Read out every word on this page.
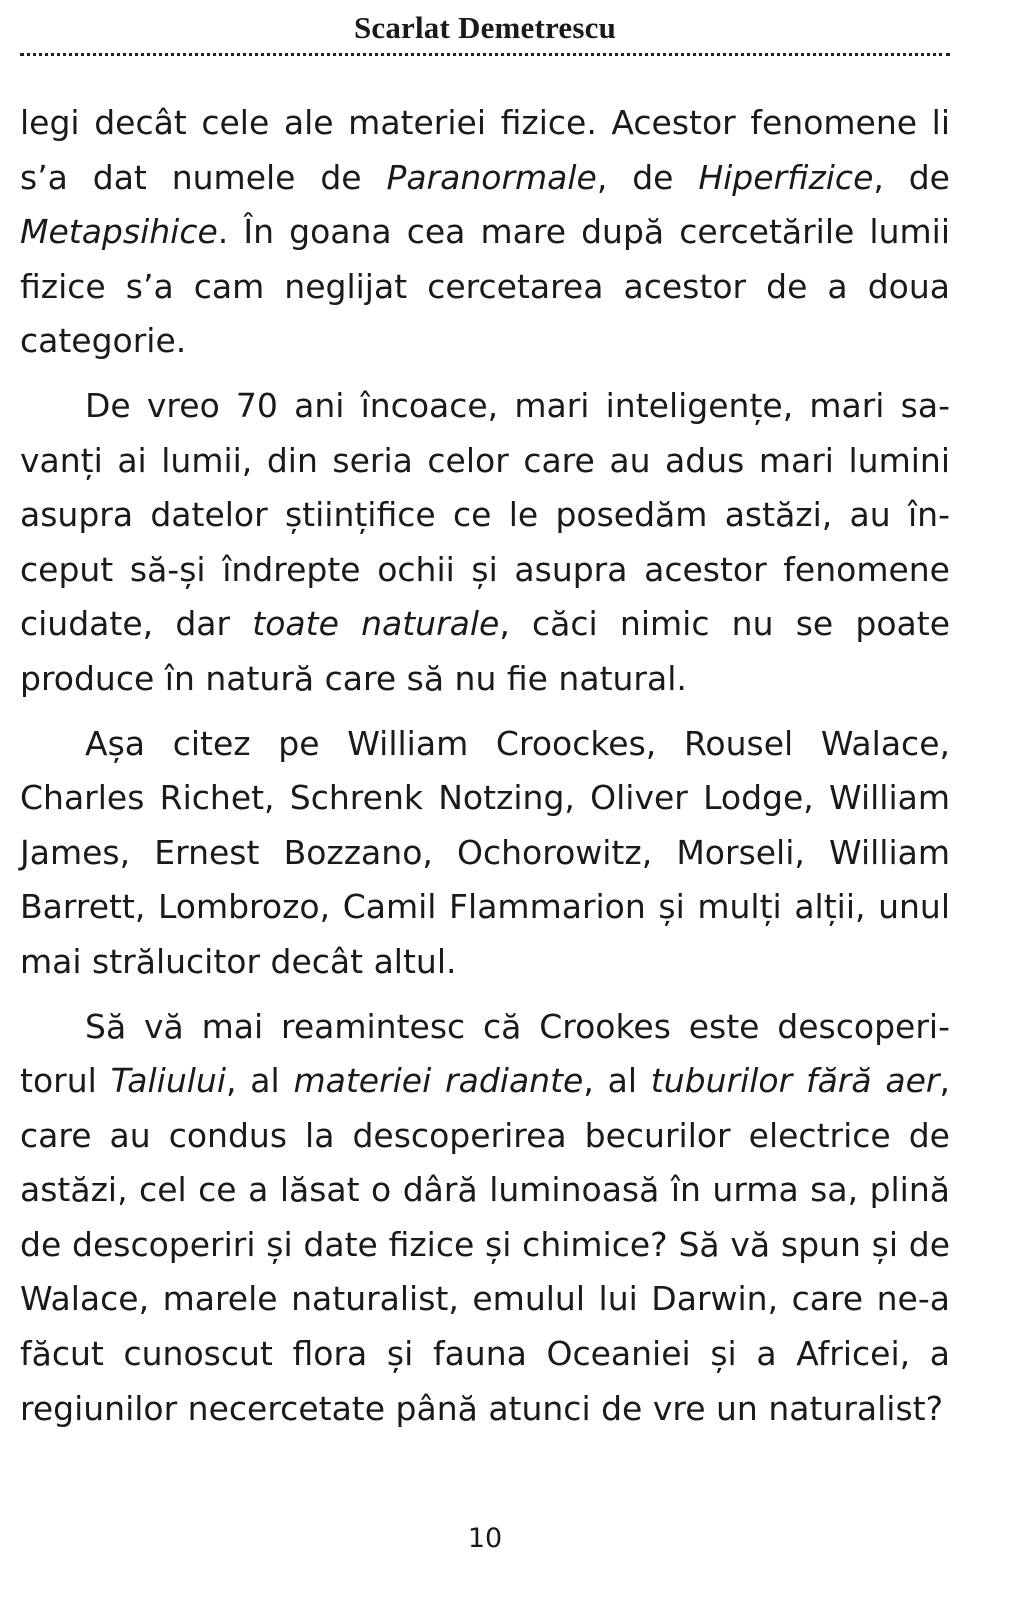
Scarlat Demetrescu

legi decât cele ale materiei fizice. Acestor fenomene li s’a dat numele de Paranormale, de Hiperfizice, de Metapsihice. În goana cea mare după cercetările lumii fizice s’a cam neglijat cercetarea acestor de a doua categorie.

De vreo 70 ani încoace, mari inteligențe, mari savanți ai lumii, din seria celor care au adus mari lumini asupra datelor științifice ce le posedăm astăzi, au început să-și îndrepte ochii și asupra acestor fenomene ciudate, dar toate naturale, căci nimic nu se poate produce în natură care să nu fie natural.

Așa citez pe William Croockes, Rousel Walace, Charles Richet, Schrenk Notzing, Oliver Lodge, William James, Ernest Bozzano, Ochorowitz, Morseli, William Barrett, Lombrozo, Camil Flammarion și mulți alții, unul mai strălucitor decât altul.

Să vă mai reamintesc că Crookes este descoperitorul Taliului, al materiei radiante, al tuburilor fără aer, care au condus la descoperirea becurilor electrice de astăzi, cel ce a lăsat o dâră luminoasă în urma sa, plină de descoperiri și date fizice și chimice? Să vă spun și de Walace, marele naturalist, emulul lui Darwin, care ne-a făcut cunoscut flora și fauna Oceaniei și a Africei, a regiunilor necercetate până atunci de vre un naturalist?

10
